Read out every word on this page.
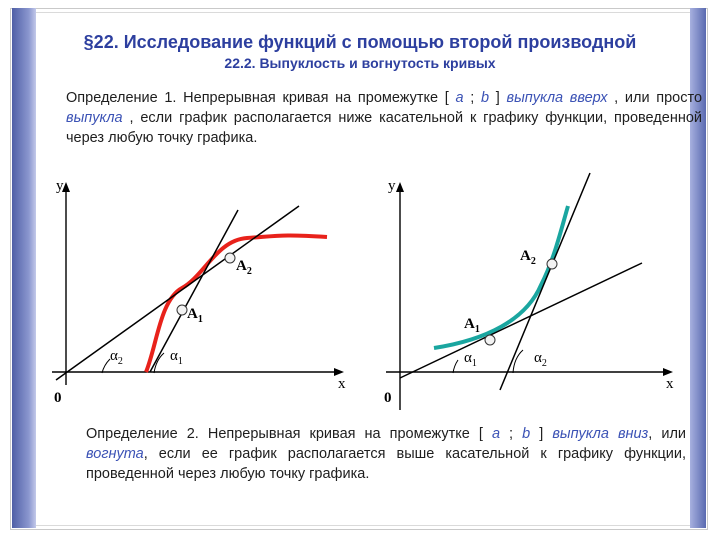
§22. Исследование функций с помощью второй производной
22.2. Выпуклость и вогнутость кривых

Определение 1. Непрерывная кривая на промежутке [ a ; b ] выпукла вверх , или просто выпукла , если график располагается ниже касательной к графику функции, проведенной через любую точку графика.

y
x
0
$\alpha_2$	$\alpha_1$
$A_1$
$A_2$
y
x
0
$\alpha_1$	$\alpha_2$
$A_1$
$A_2$

Определение 2. Непрерывная кривая на промежутке [ a ; b ] выпукла вниз, или вогнута, если ее график располагается выше касательной к графику функции, проведенной через любую точку графика.
